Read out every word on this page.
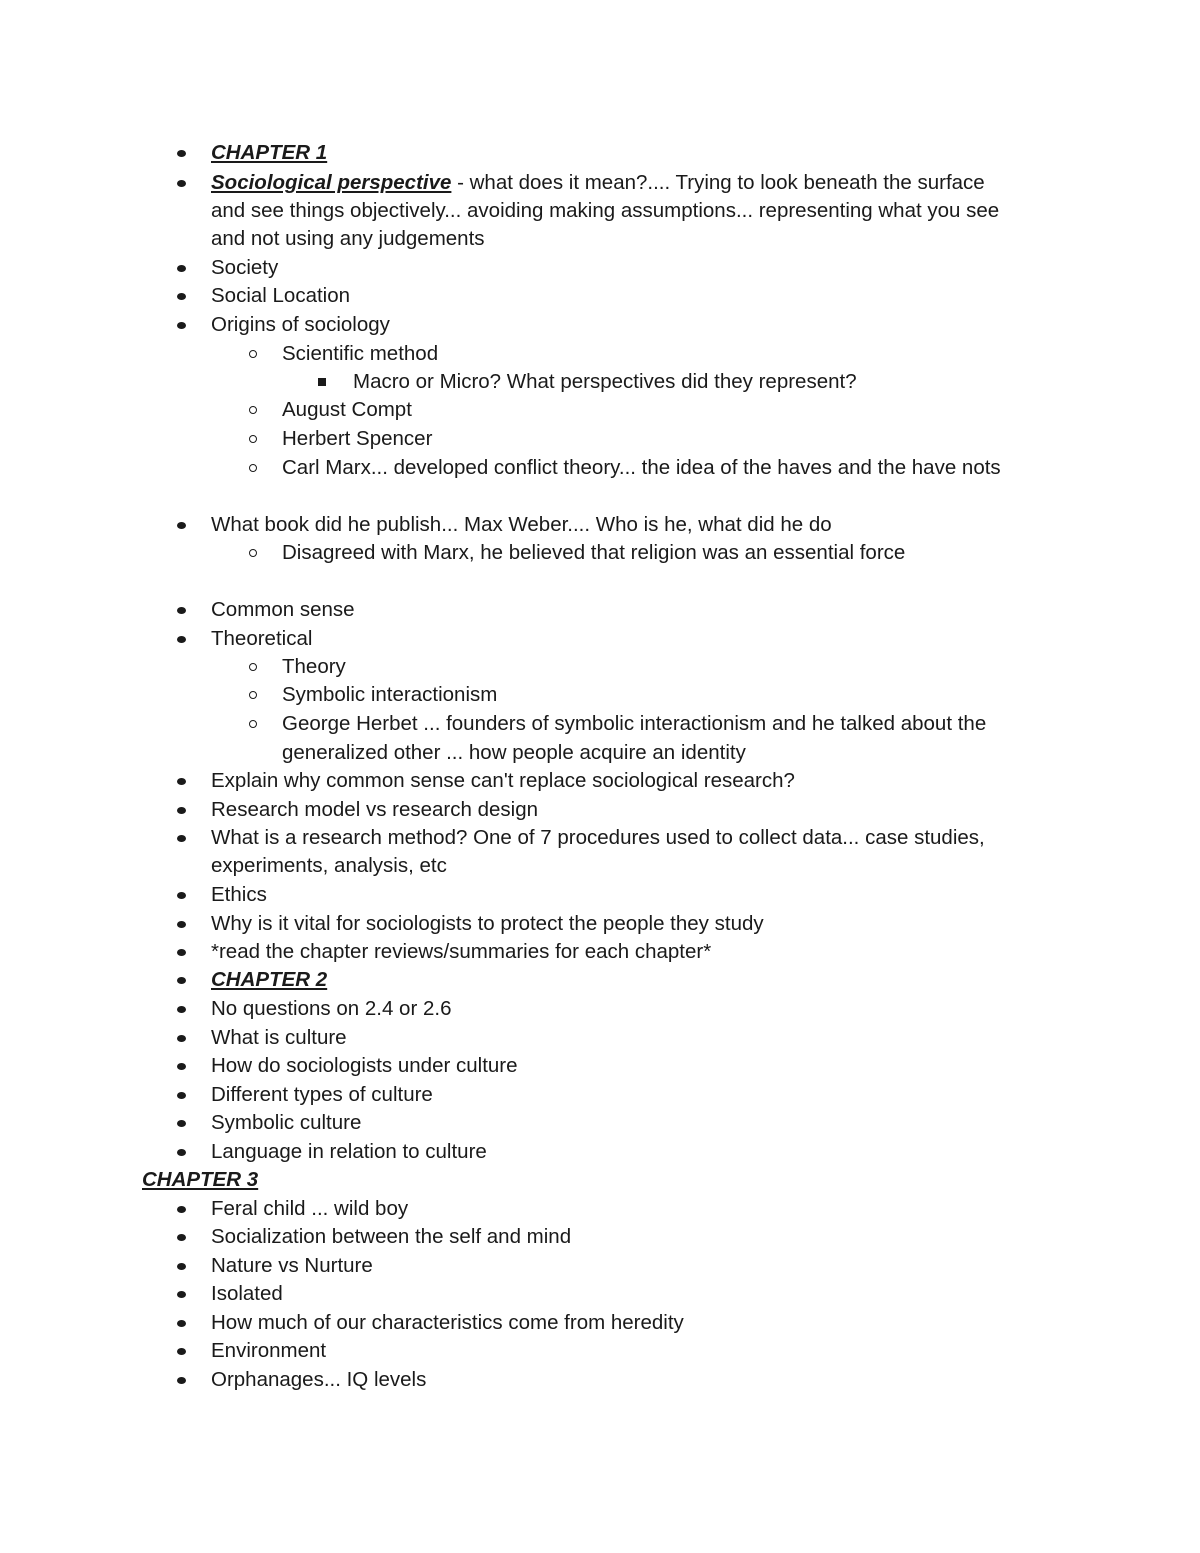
CHAPTER 1
Sociological perspective - what does it mean?.... Trying to look beneath the surface
and see things objectively... avoiding making assumptions... representing what you see
and not using any judgements
Society
Social Location
Origins of sociology
Scientific method
Macro or Micro? What perspectives did they represent?
August Compt
Herbert Spencer
Carl Marx... developed conflict theory... the idea of the haves and the have nots
What book did he publish... Max Weber.... Who is he, what did he do
Disagreed with Marx, he believed that religion was an essential force
Common sense
Theoretical
Theory
Symbolic interactionism
George Herbet ... founders of symbolic interactionism and he talked about the
generalized other ... how people acquire an identity
Explain why common sense can't replace sociological research?
Research model vs research design
What is a research method? One of 7 procedures used to collect data... case studies,
experiments, analysis, etc
Ethics
Why is it vital for sociologists to protect the people they study
*read the chapter reviews/summaries for each chapter*
CHAPTER 2
No questions on 2.4 or 2.6
What is culture
How do sociologists under culture
Different types of culture
Symbolic culture
Language in relation to culture
CHAPTER 3
Feral child ... wild boy
Socialization between the self and mind
Nature vs Nurture
Isolated
How much of our characteristics come from heredity
Environment
Orphanages... IQ levels
